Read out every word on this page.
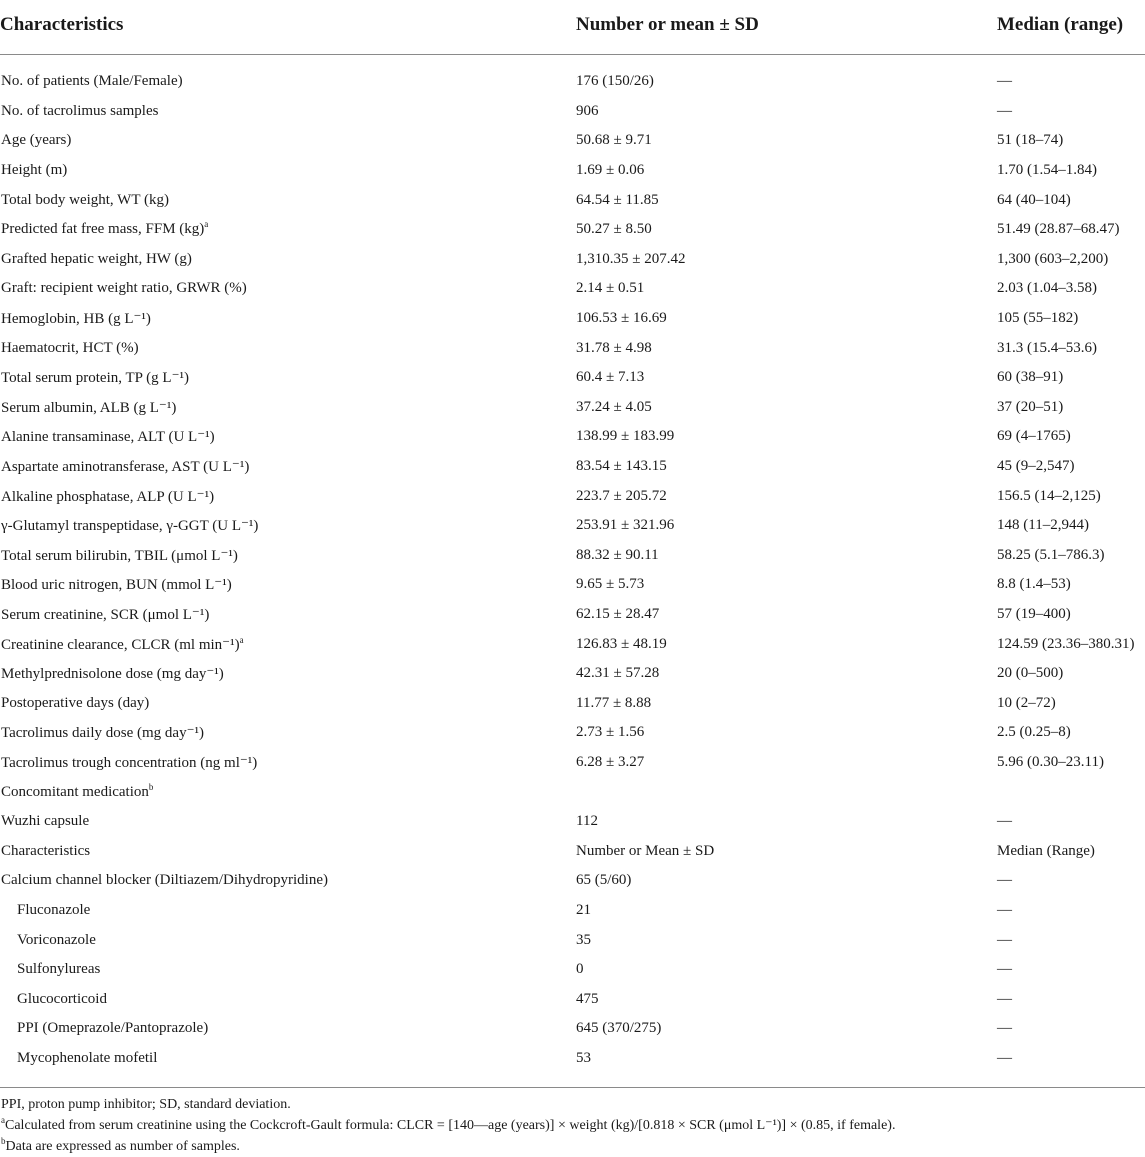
Characteristics	Number or mean ± SD	Median (range)
No. of patients (Male/Female)	176 (150/26)	—
No. of tacrolimus samples	906	—
Age (years)	50.68 ± 9.71	51 (18–74)
Height (m)	1.69 ± 0.06	1.70 (1.54–1.84)
Total body weight, WT (kg)	64.54 ± 11.85	64 (40–104)
Predicted fat free mass, FFM (kg)$^a$	50.27 ± 8.50	51.49 (28.87–68.47)
Grafted hepatic weight, HW (g)	1,310.35 ± 207.42	1,300 (603–2,200)
Graft: recipient weight ratio, GRWR (%)	2.14 ± 0.51	2.03 (1.04–3.58)
Hemoglobin, HB (g L⁻¹)	106.53 ± 16.69	105 (55–182)
Haematocrit, HCT (%)	31.78 ± 4.98	31.3 (15.4–53.6)
Total serum protein, TP (g L⁻¹)	60.4 ± 7.13	60 (38–91)
Serum albumin, ALB (g L⁻¹)	37.24 ± 4.05	37 (20–51)
Alanine transaminase, ALT (U L⁻¹)	138.99 ± 183.99	69 (4–1765)
Aspartate aminotransferase, AST (U L⁻¹)	83.54 ± 143.15	45 (9–2,547)
Alkaline phosphatase, ALP (U L⁻¹)	223.7 ± 205.72	156.5 (14–2,125)
γ-Glutamyl transpeptidase, γ-GGT (U L⁻¹)	253.91 ± 321.96	148 (11–2,944)
Total serum bilirubin, TBIL (μmol L⁻¹)	88.32 ± 90.11	58.25 (5.1–786.3)
Blood uric nitrogen, BUN (mmol L⁻¹)	9.65 ± 5.73	8.8 (1.4–53)
Serum creatinine, SCR (μmol L⁻¹)	62.15 ± 28.47	57 (19–400)
Creatinine clearance, CLCR (ml min⁻¹)$^a$	126.83 ± 48.19	124.59 (23.36–380.31)
Methylprednisolone dose (mg day⁻¹)	42.31 ± 57.28	20 (0–500)
Postoperative days (day)	11.77 ± 8.88	10 (2–72)
Tacrolimus daily dose (mg day⁻¹)	2.73 ± 1.56	2.5 (0.25–8)
Tacrolimus trough concentration (ng ml⁻¹)	6.28 ± 3.27	5.96 (0.30–23.11)
Concomitant medication$^b$		
Wuzhi capsule	112	—
Characteristics	Number or Mean ± SD	Median (Range)
Calcium channel blocker (Diltiazem/Dihydropyridine)	65 (5/60)	—
Fluconazole	21	—
Voriconazole	35	—
Sulfonylureas	0	—
Glucocorticoid	475	—
PPI (Omeprazole/Pantoprazole)	645 (370/275)	—
Mycophenolate mofetil	53	—
PPI, proton pump inhibitor; SD, standard deviation.
$^a$Calculated from serum creatinine using the Cockcroft-Gault formula: CLCR = [140—age (years)] × weight (kg)/[0.818 × SCR (μmol L⁻¹)] × (0.85, if female).
$^b$Data are expressed as number of samples.
